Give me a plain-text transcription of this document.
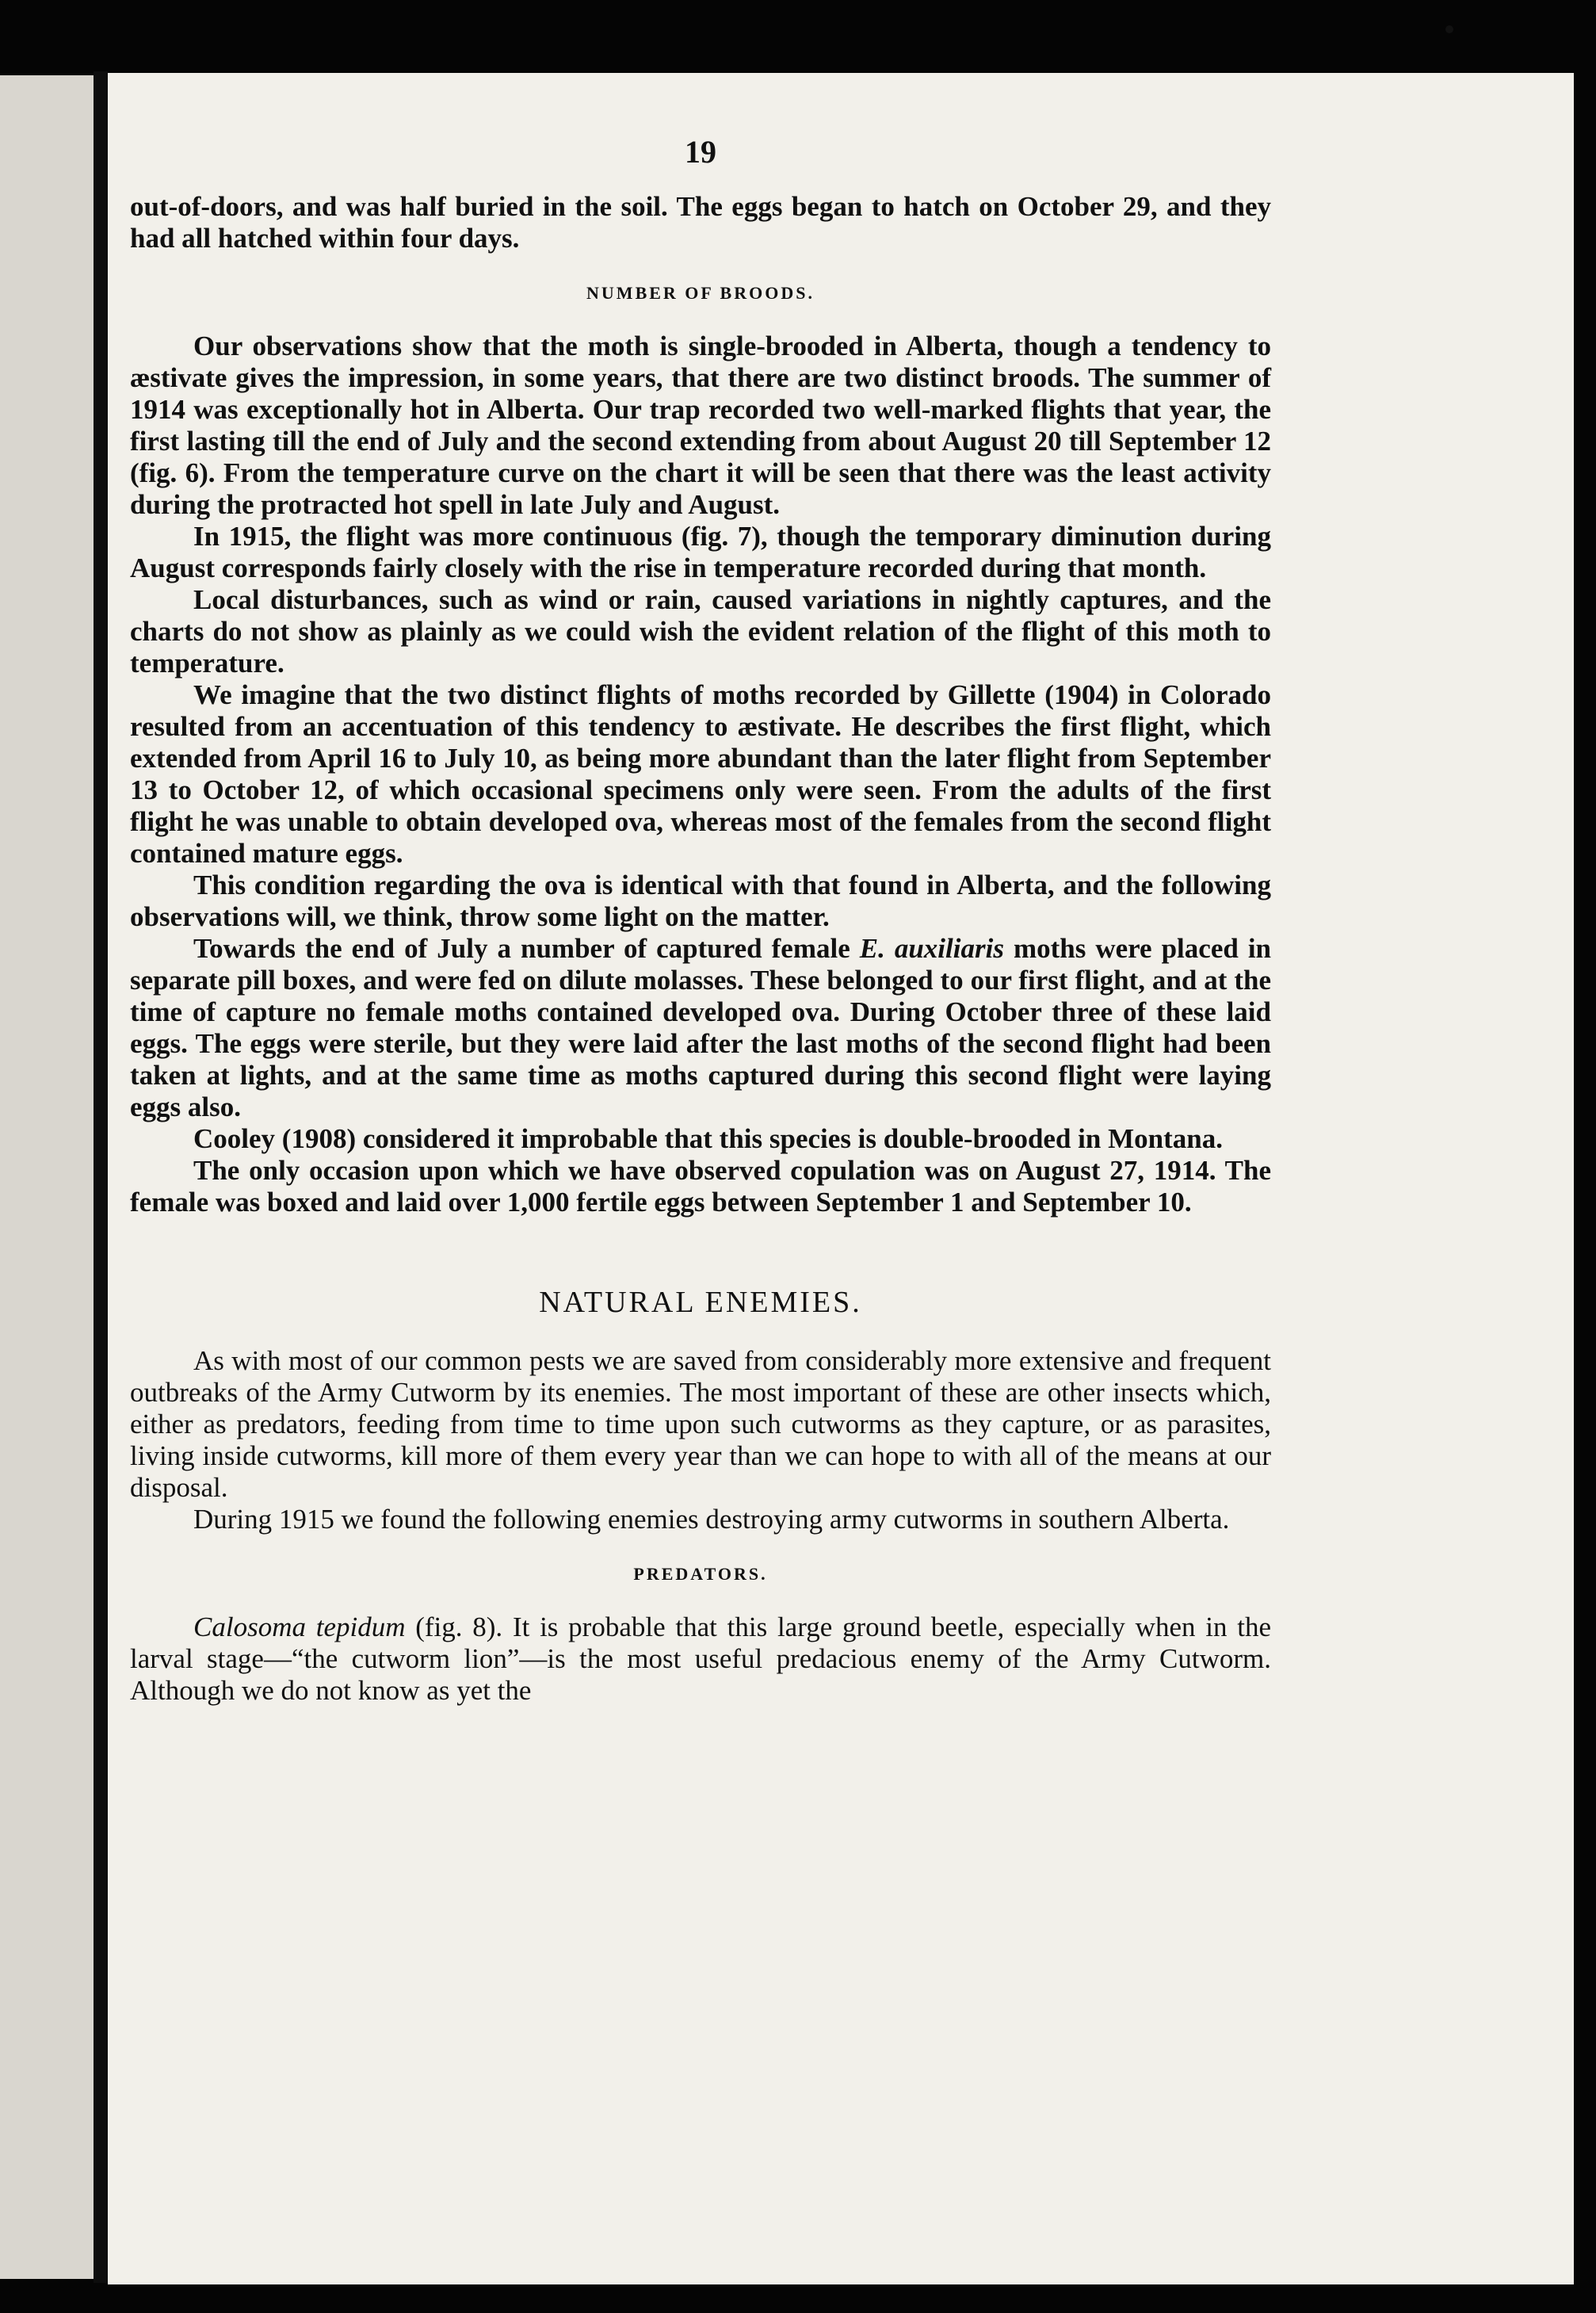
19

out-of-doors, and was half buried in the soil. The eggs began to hatch on October 29, and they had all hatched within four days.

NUMBER OF BROODS.

Our observations show that the moth is single-brooded in Alberta, though a tendency to æstivate gives the impression, in some years, that there are two distinct broods. The summer of 1914 was exceptionally hot in Alberta. Our trap recorded two well-marked flights that year, the first lasting till the end of July and the second extending from about August 20 till September 12 (fig. 6). From the temperature curve on the chart it will be seen that there was the least activity during the protracted hot spell in late July and August.

In 1915, the flight was more continuous (fig. 7), though the temporary diminution during August corresponds fairly closely with the rise in temperature recorded during that month.

Local disturbances, such as wind or rain, caused variations in nightly captures, and the charts do not show as plainly as we could wish the evident relation of the flight of this moth to temperature.

We imagine that the two distinct flights of moths recorded by Gillette (1904) in Colorado resulted from an accentuation of this tendency to æstivate. He describes the first flight, which extended from April 16 to July 10, as being more abundant than the later flight from September 13 to October 12, of which occasional specimens only were seen. From the adults of the first flight he was unable to obtain developed ova, whereas most of the females from the second flight contained mature eggs.

This condition regarding the ova is identical with that found in Alberta, and the following observations will, we think, throw some light on the matter.

Towards the end of July a number of captured female E. auxiliaris moths were placed in separate pill boxes, and were fed on dilute molasses. These belonged to our first flight, and at the time of capture no female moths contained developed ova. During October three of these laid eggs. The eggs were sterile, but they were laid after the last moths of the second flight had been taken at lights, and at the same time as moths captured during this second flight were laying eggs also.

Cooley (1908) considered it improbable that this species is double-brooded in Montana.

The only occasion upon which we have observed copulation was on August 27, 1914. The female was boxed and laid over 1,000 fertile eggs between September 1 and September 10.

NATURAL ENEMIES.

As with most of our common pests we are saved from considerably more extensive and frequent outbreaks of the Army Cutworm by its enemies. The most important of these are other insects which, either as predators, feeding from time to time upon such cutworms as they capture, or as parasites, living inside cutworms, kill more of them every year than we can hope to with all of the means at our disposal.

During 1915 we found the following enemies destroying army cutworms in southern Alberta.

PREDATORS.

Calosoma tepidum (fig. 8). It is probable that this large ground beetle, especially when in the larval stage—“the cutworm lion”—is the most useful predacious enemy of the Army Cutworm. Although we do not know as yet the
